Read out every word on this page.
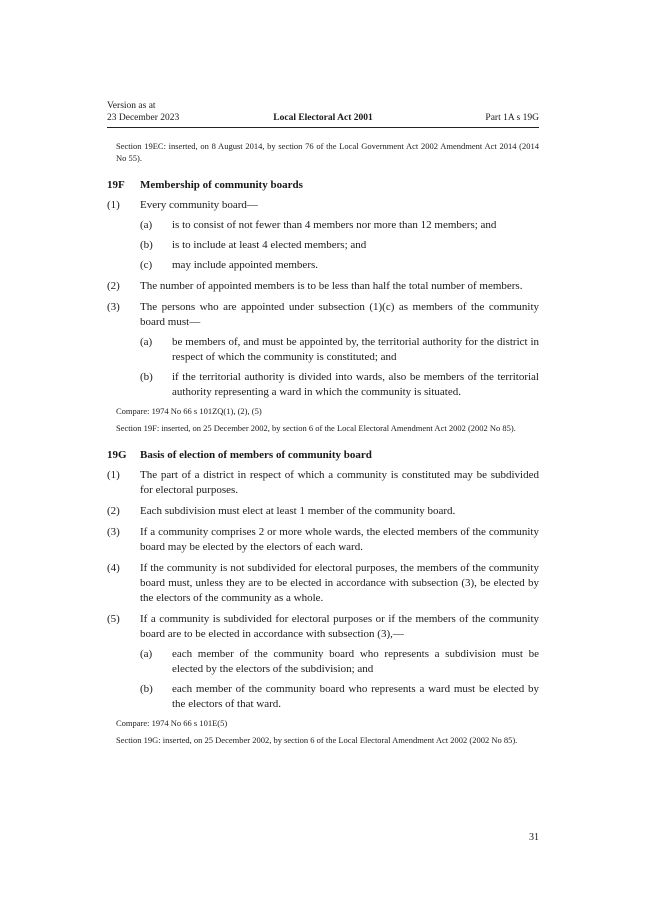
Version as at
23 December 2023	Local Electoral Act 2001	Part 1A s 19G
Section 19EC: inserted, on 8 August 2014, by section 76 of the Local Government Act 2002 Amendment Act 2014 (2014 No 55).
19F	Membership of community boards
(1)	Every community board—
(a)	is to consist of not fewer than 4 members nor more than 12 members; and
(b)	is to include at least 4 elected members; and
(c)	may include appointed members.
(2)	The number of appointed members is to be less than half the total number of members.
(3)	The persons who are appointed under subsection (1)(c) as members of the community board must—
(a)	be members of, and must be appointed by, the territorial authority for the district in respect of which the community is constituted; and
(b)	if the territorial authority is divided into wards, also be members of the territorial authority representing a ward in which the community is situated.
Compare: 1974 No 66 s 101ZQ(1), (2), (5)
Section 19F: inserted, on 25 December 2002, by section 6 of the Local Electoral Amendment Act 2002 (2002 No 85).
19G	Basis of election of members of community board
(1)	The part of a district in respect of which a community is constituted may be subdivided for electoral purposes.
(2)	Each subdivision must elect at least 1 member of the community board.
(3)	If a community comprises 2 or more whole wards, the elected members of the community board may be elected by the electors of each ward.
(4)	If the community is not subdivided for electoral purposes, the members of the community board must, unless they are to be elected in accordance with subsection (3), be elected by the electors of the community as a whole.
(5)	If a community is subdivided for electoral purposes or if the members of the community board are to be elected in accordance with subsection (3),—
(a)	each member of the community board who represents a subdivision must be elected by the electors of the subdivision; and
(b)	each member of the community board who represents a ward must be elected by the electors of that ward.
Compare: 1974 No 66 s 101E(5)
Section 19G: inserted, on 25 December 2002, by section 6 of the Local Electoral Amendment Act 2002 (2002 No 85).
31
